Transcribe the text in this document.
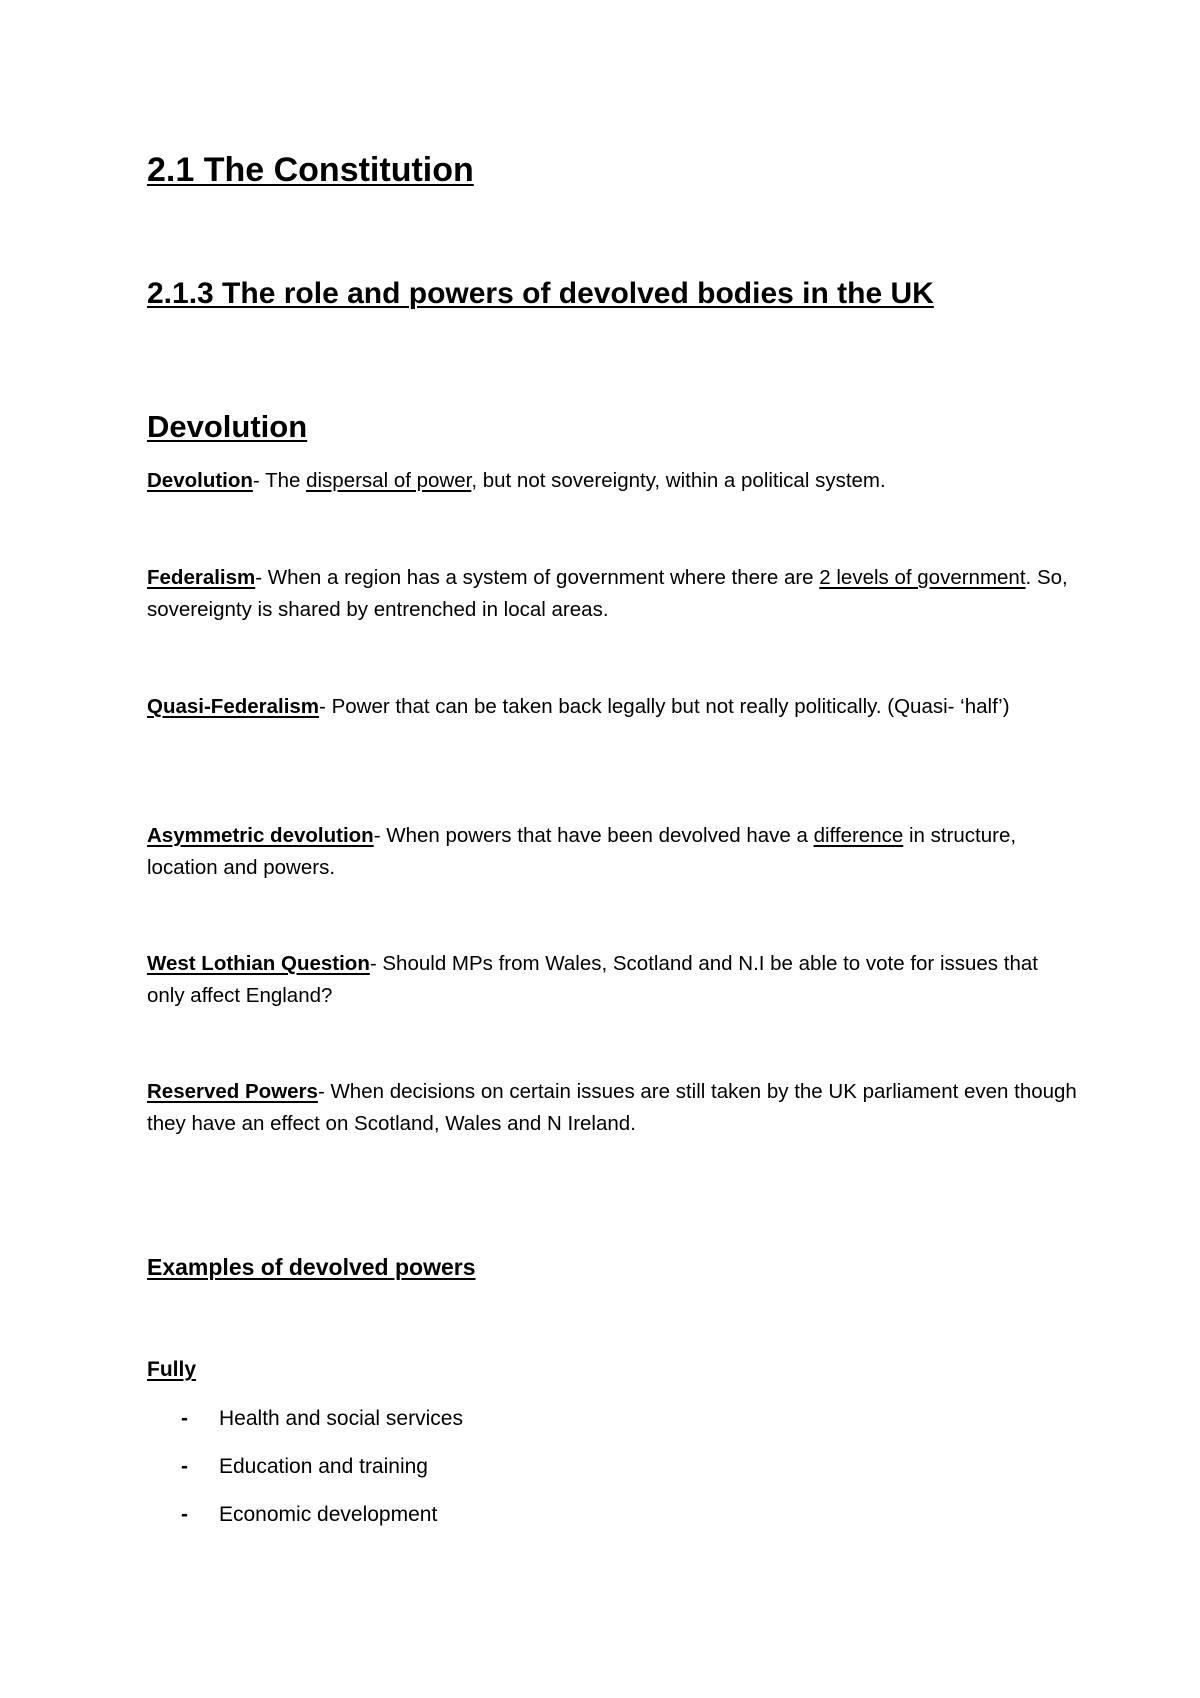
2.1 The Constitution
2.1.3 The role and powers of devolved bodies in the UK
Devolution

Devolution- The dispersal of power, but not sovereignty, within a political system.

Federalism- When a region has a system of government where there are 2 levels of government. So, sovereignty is shared by entrenched in local areas.

Quasi-Federalism- Power that can be taken back legally but not really politically. (Quasi- ‘half’)

Asymmetric devolution- When powers that have been devolved have a difference in structure, location and powers.

West Lothian Question- Should MPs from Wales, Scotland and N.I be able to vote for issues that only affect England?

Reserved Powers- When decisions on certain issues are still taken by the UK parliament even though they have an effect on Scotland, Wales and N Ireland.

Examples of devolved powers
Fully
- Health and social services
- Education and training
- Economic development
